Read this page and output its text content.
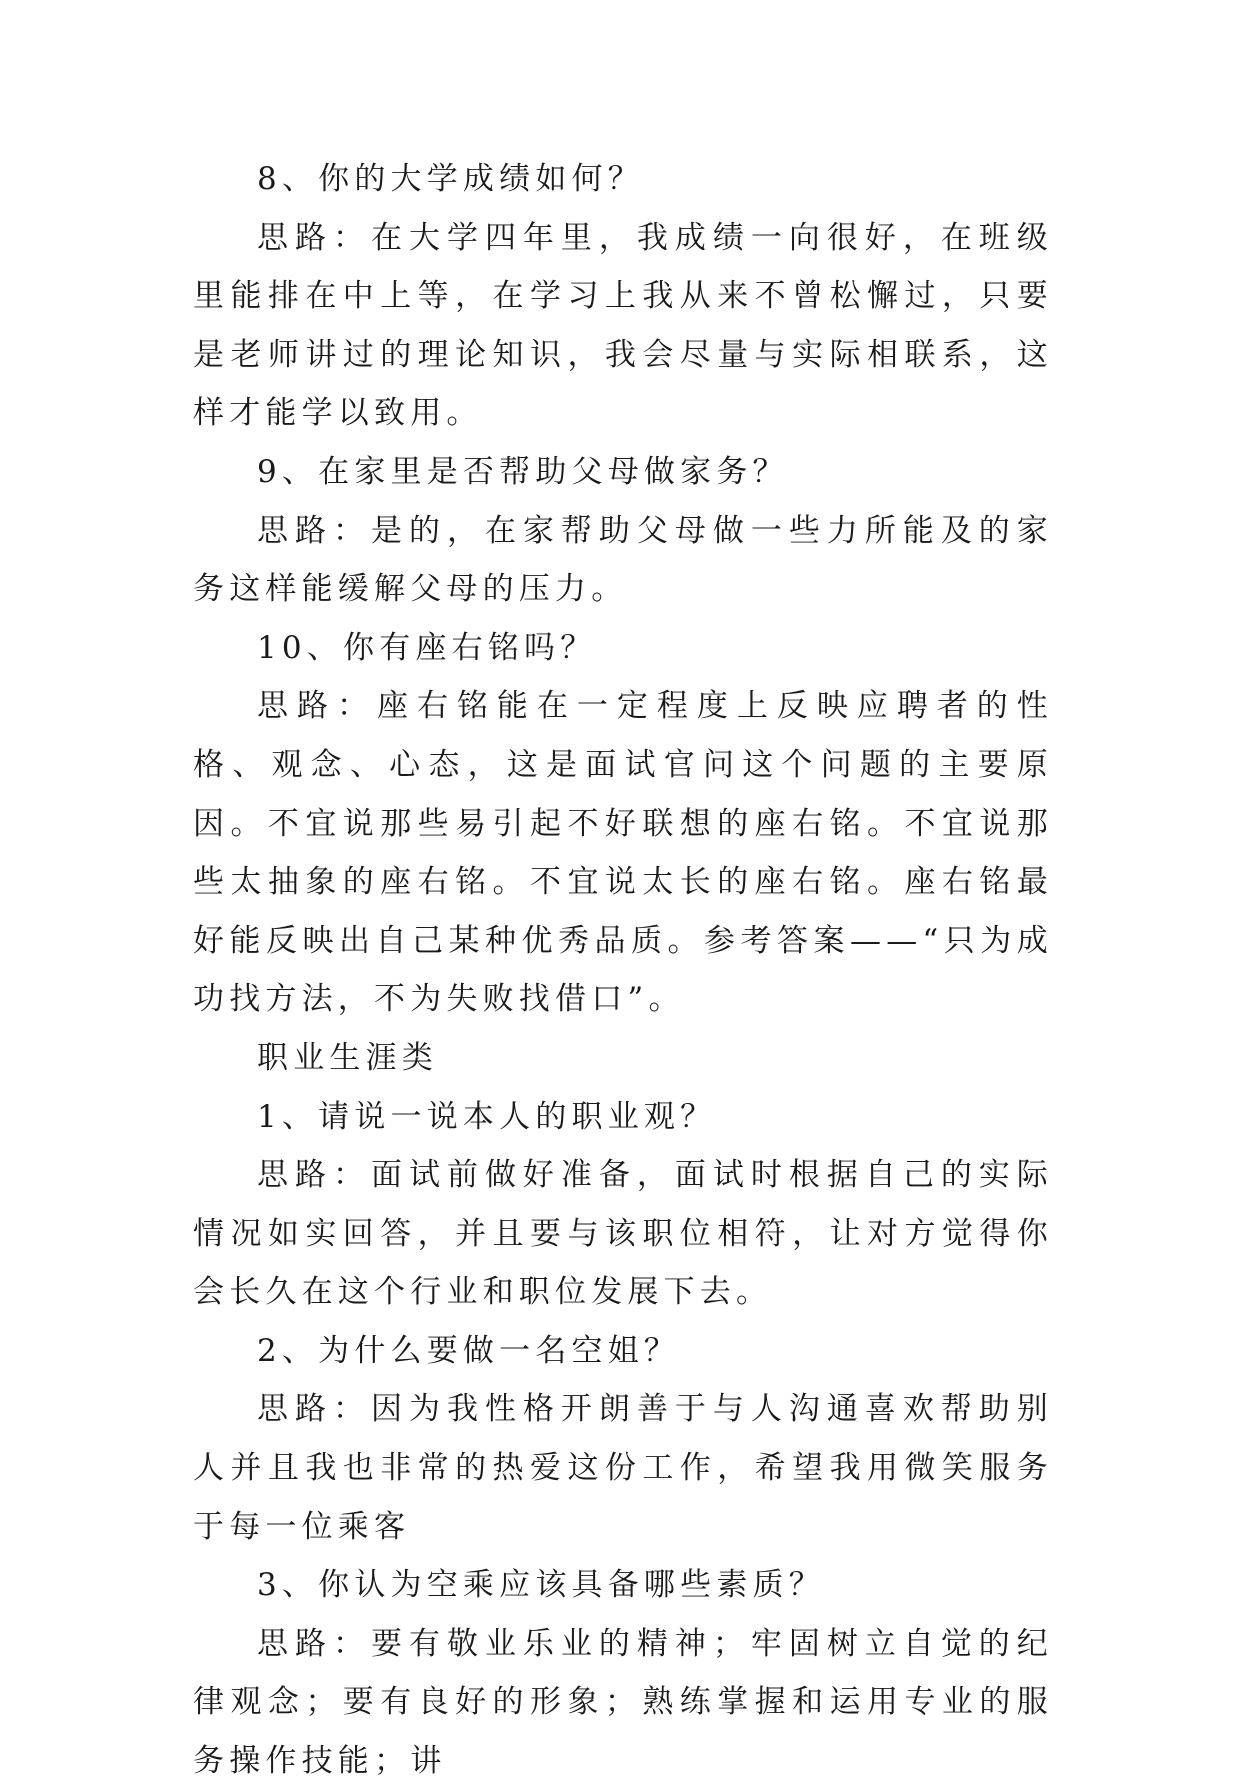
8、你的大学成绩如何？

思路：在大学四年里，我成绩一向很好，在班级里能排在中上等，在学习上我从来不曾松懈过，只要是老师讲过的理论知识，我会尽量与实际相联系，这样才能学以致用。

9、在家里是否帮助父母做家务？

思路：是的，在家帮助父母做一些力所能及的家务这样能缓解父母的压力。

10、你有座右铭吗？

思路：座右铭能在一定程度上反映应聘者的性格、观念、心态，这是面试官问这个问题的主要原因。不宜说那些易引起不好联想的座右铭。不宜说那些太抽象的座右铭。不宜说太长的座右铭。座右铭最好能反映出自己某种优秀品质。参考答案——“只为成功找方法，不为失败找借口”。

职业生涯类

1、请说一说本人的职业观？

思路：面试前做好准备，面试时根据自己的实际情况如实回答，并且要与该职位相符，让对方觉得你会长久在这个行业和职位发展下去。

2、为什么要做一名空姐？

思路：因为我性格开朗善于与人沟通喜欢帮助别人并且我也非常的热爱这份工作，希望我用微笑服务于每一位乘客

3、你认为空乘应该具备哪些素质？

思路：要有敬业乐业的精神；牢固树立自觉的纪律观念；要有良好的形象；熟练掌握和运用专业的服务操作技能；讲
